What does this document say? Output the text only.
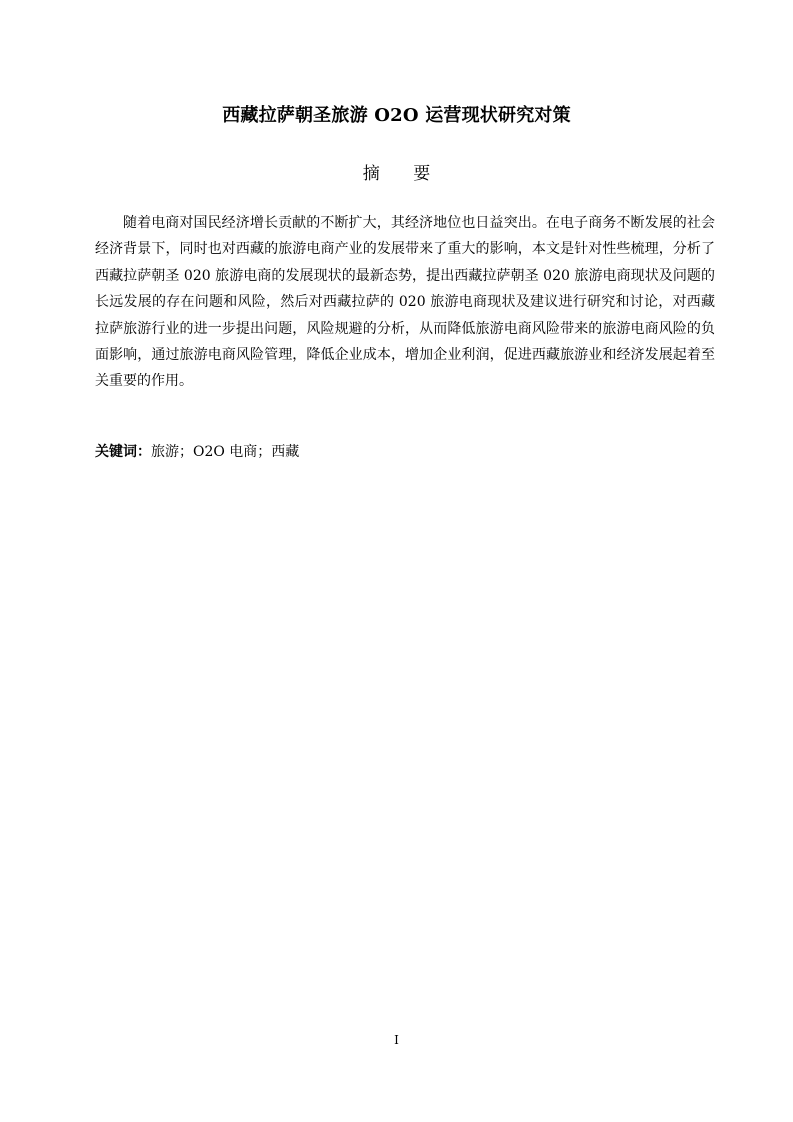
西藏拉萨朝圣旅游 O2O 运营现状研究对策
摘 要

随着电商对国民经济增长贡献的不断扩大，其经济地位也日益突出。在电子商务不断发展的社会经济背景下，同时也对西藏的旅游电商产业的发展带来了重大的影响，本文是针对性些梳理，分析了西藏拉萨朝圣 020 旅游电商的发展现状的最新态势，提出西藏拉萨朝圣 020 旅游电商现状及问题的长远发展的存在问题和风险，然后对西藏拉萨的 020 旅游电商现状及建议进行研究和讨论，对西藏拉萨旅游行业的进一步提出问题，风险规避的分析，从而降低旅游电商风险带来的旅游电商风险的负面影响，通过旅游电商风险管理，降低企业成本，增加企业利润，促进西藏旅游业和经济发展起着至关重要的作用。

关键词：旅游；O2O 电商；西藏
I
